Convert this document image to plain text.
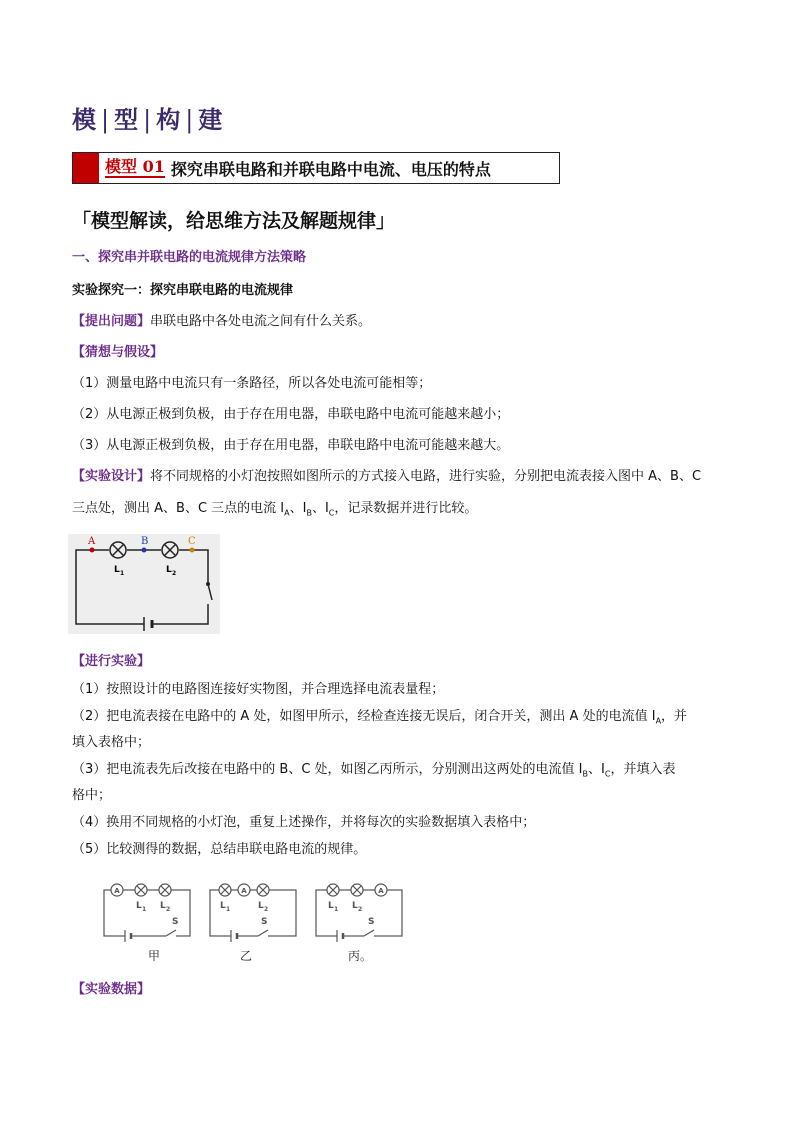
模 | 型 | 构 | 建
模型 01 探究串联电路和并联电路中电流、电压的特点
「模型解读，给思维方法及解题规律」
一、探究串并联电路的电流规律方法策略
实验探究一：探究串联电路的电流规律
【提出问题】串联电路中各处电流之间有什么关系。
【猜想与假设】
（1）测量电路中电流只有一条路径，所以各处电流可能相等；
（2）从电源正极到负极，由于存在用电器，串联电路中电流可能越来越小；
（3）从电源正极到负极，由于存在用电器，串联电路中电流可能越来越大。
【实验设计】将不同规格的小灯泡按照如图所示的方式接入电路，进行实验，分别把电流表接入图中 A、B、C
三点处，测出 A、B、C 三点的电流 $I_A$、$I_B$、$I_C$，记录数据并进行比较。
A	B	C
L 1	L 2
【进行实验】
（1）按照设计的电路图连接好实物图，并合理选择电流表量程；
（2）把电流表接在电路中的 A 处，如图甲所示，经检查连接无误后，闭合开关，测出 A 处的电流值 $I_A$，并
填入表格中；
（3）把电流表先后改接在电路中的 B、C 处，如图乙丙所示，分别测出这两处的电流值 $I_B$、$I_C$，并填入表
格中；
（4）换用不同规格的小灯泡，重复上述操作，并将每次的实验数据填入表格中；
（5）比较测得的数据，总结串联电路电流的规律。
A	A	A
L 1 L 2
S
L 1	L 2
S
L 1 L 2
S
甲	乙	丙。
【实验数据】
